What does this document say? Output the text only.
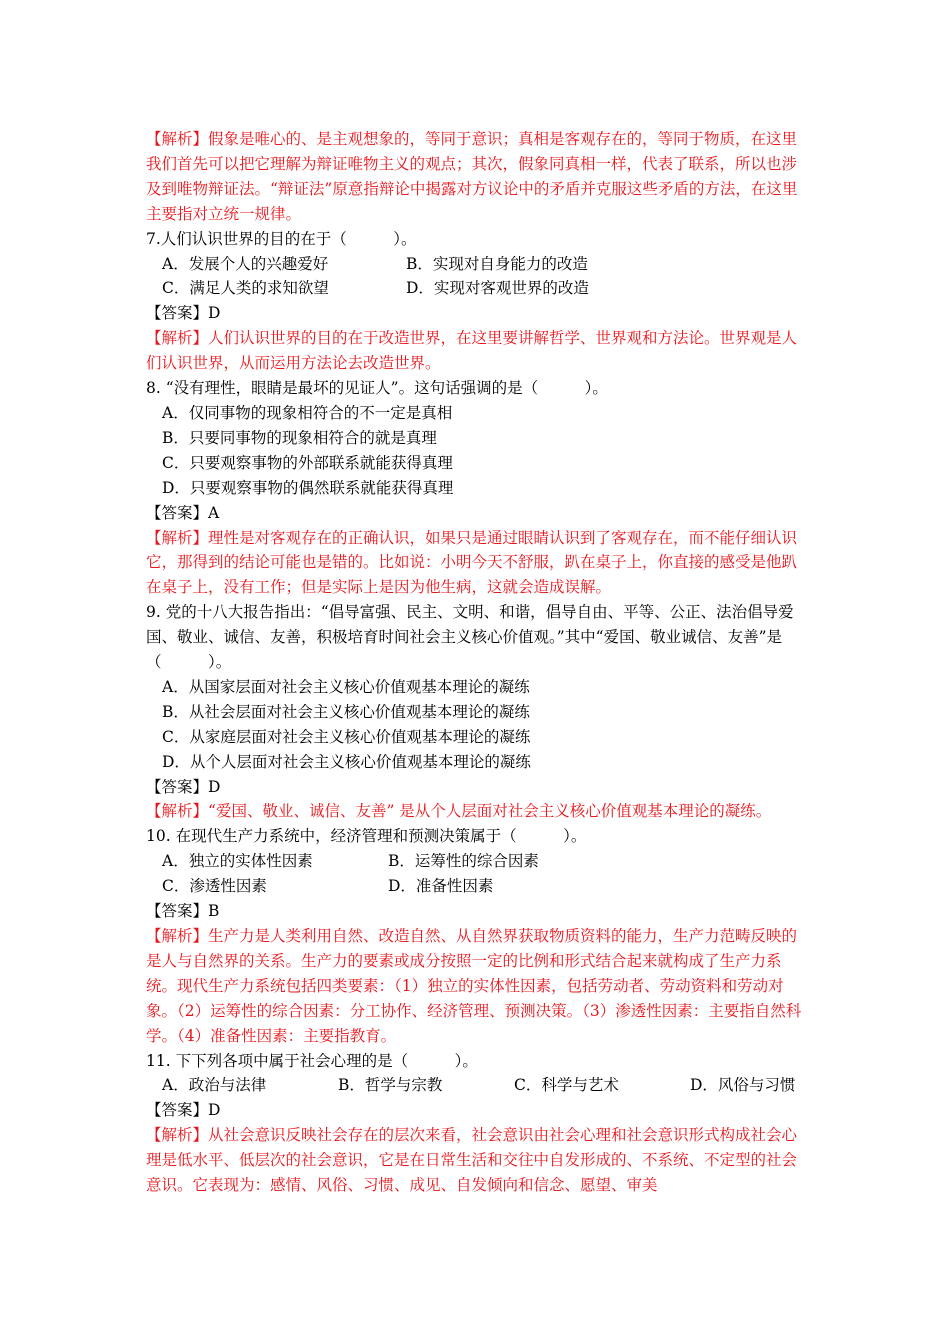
【解析】假象是唯心的、是主观想象的，等同于意识；真相是客观存在的，等同于物质，在这里我们首先可以把它理解为辩证唯物主义的观点；其次，假象同真相一样，代表了联系，所以也涉及到唯物辩证法。“辩证法”原意指辩论中揭露对方议论中的矛盾并克服这些矛盾的方法，在这里主要指对立统一规律。

7.人们认识世界的目的在于（　　　）。

A．发展个人的兴趣爱好	B．实现对自身能力的改造
C．满足人类的求知欲望	D．实现对客观世界的改造

【答案】D

【解析】人们认识世界的目的在于改造世界，在这里要讲解哲学、世界观和方法论。世界观是人们认识世界，从而运用方法论去改造世界。

8. “没有理性，眼睛是最坏的见证人”。这句话强调的是（　　　）。

A．仅同事物的现象相符合的不一定是真相
B．只要同事物的现象相符合的就是真理
C．只要观察事物的外部联系就能获得真理
D．只要观察事物的偶然联系就能获得真理

【答案】A

【解析】理性是对客观存在的正确认识，如果只是通过眼睛认识到了客观存在，而不能仔细认识它，那得到的结论可能也是错的。比如说：小明今天不舒服，趴在桌子上，你直接的感受是他趴在桌子上，没有工作；但是实际上是因为他生病，这就会造成误解。

9. 党的十八大报告指出：“倡导富强、民主、文明、和谐，倡导自由、平等、公正、法治倡导爱国、敬业、诚信、友善，积极培育时间社会主义核心价值观。”其中“爱国、敬业诚信、友善”是（　　　）。

A．从国家层面对社会主义核心价值观基本理论的凝练
B．从社会层面对社会主义核心价值观基本理论的凝练
C．从家庭层面对社会主义核心价值观基本理论的凝练
D．从个人层面对社会主义核心价值观基本理论的凝练

【答案】D

【解析】“爱国、敬业、诚信、友善” 是从个人层面对社会主义核心价值观基本理论的凝练。

10. 在现代生产力系统中，经济管理和预测决策属于（　　　）。

A．独立的实体性因素	B．运筹性的综合因素
C．渗透性因素	D．准备性因素

【答案】B

【解析】生产力是人类利用自然、改造自然、从自然界获取物质资料的能力，生产力范畴反映的是人与自然界的关系。生产力的要素或成分按照一定的比例和形式结合起来就构成了生产力系统。现代生产力系统包括四类要素：（1）独立的实体性因素，包括劳动者、劳动资料和劳动对象。（2）运筹性的综合因素：分工协作、经济管理、预测决策。（3）渗透性因素：主要指自然科学。（4）准备性因素：主要指教育。

11. 下下列各项中属于社会心理的是（　　　）。

A．政治与法律	B．哲学与宗教	C．科学与艺术	D．风俗与习惯

【答案】D

【解析】从社会意识反映社会存在的层次来看，社会意识由社会心理和社会意识形式构成社会心理是低水平、低层次的社会意识，它是在日常生活和交往中自发形成的、不系统、不定型的社会意识。它表现为：感情、风俗、习惯、成见、自发倾向和信念、愿望、审美
